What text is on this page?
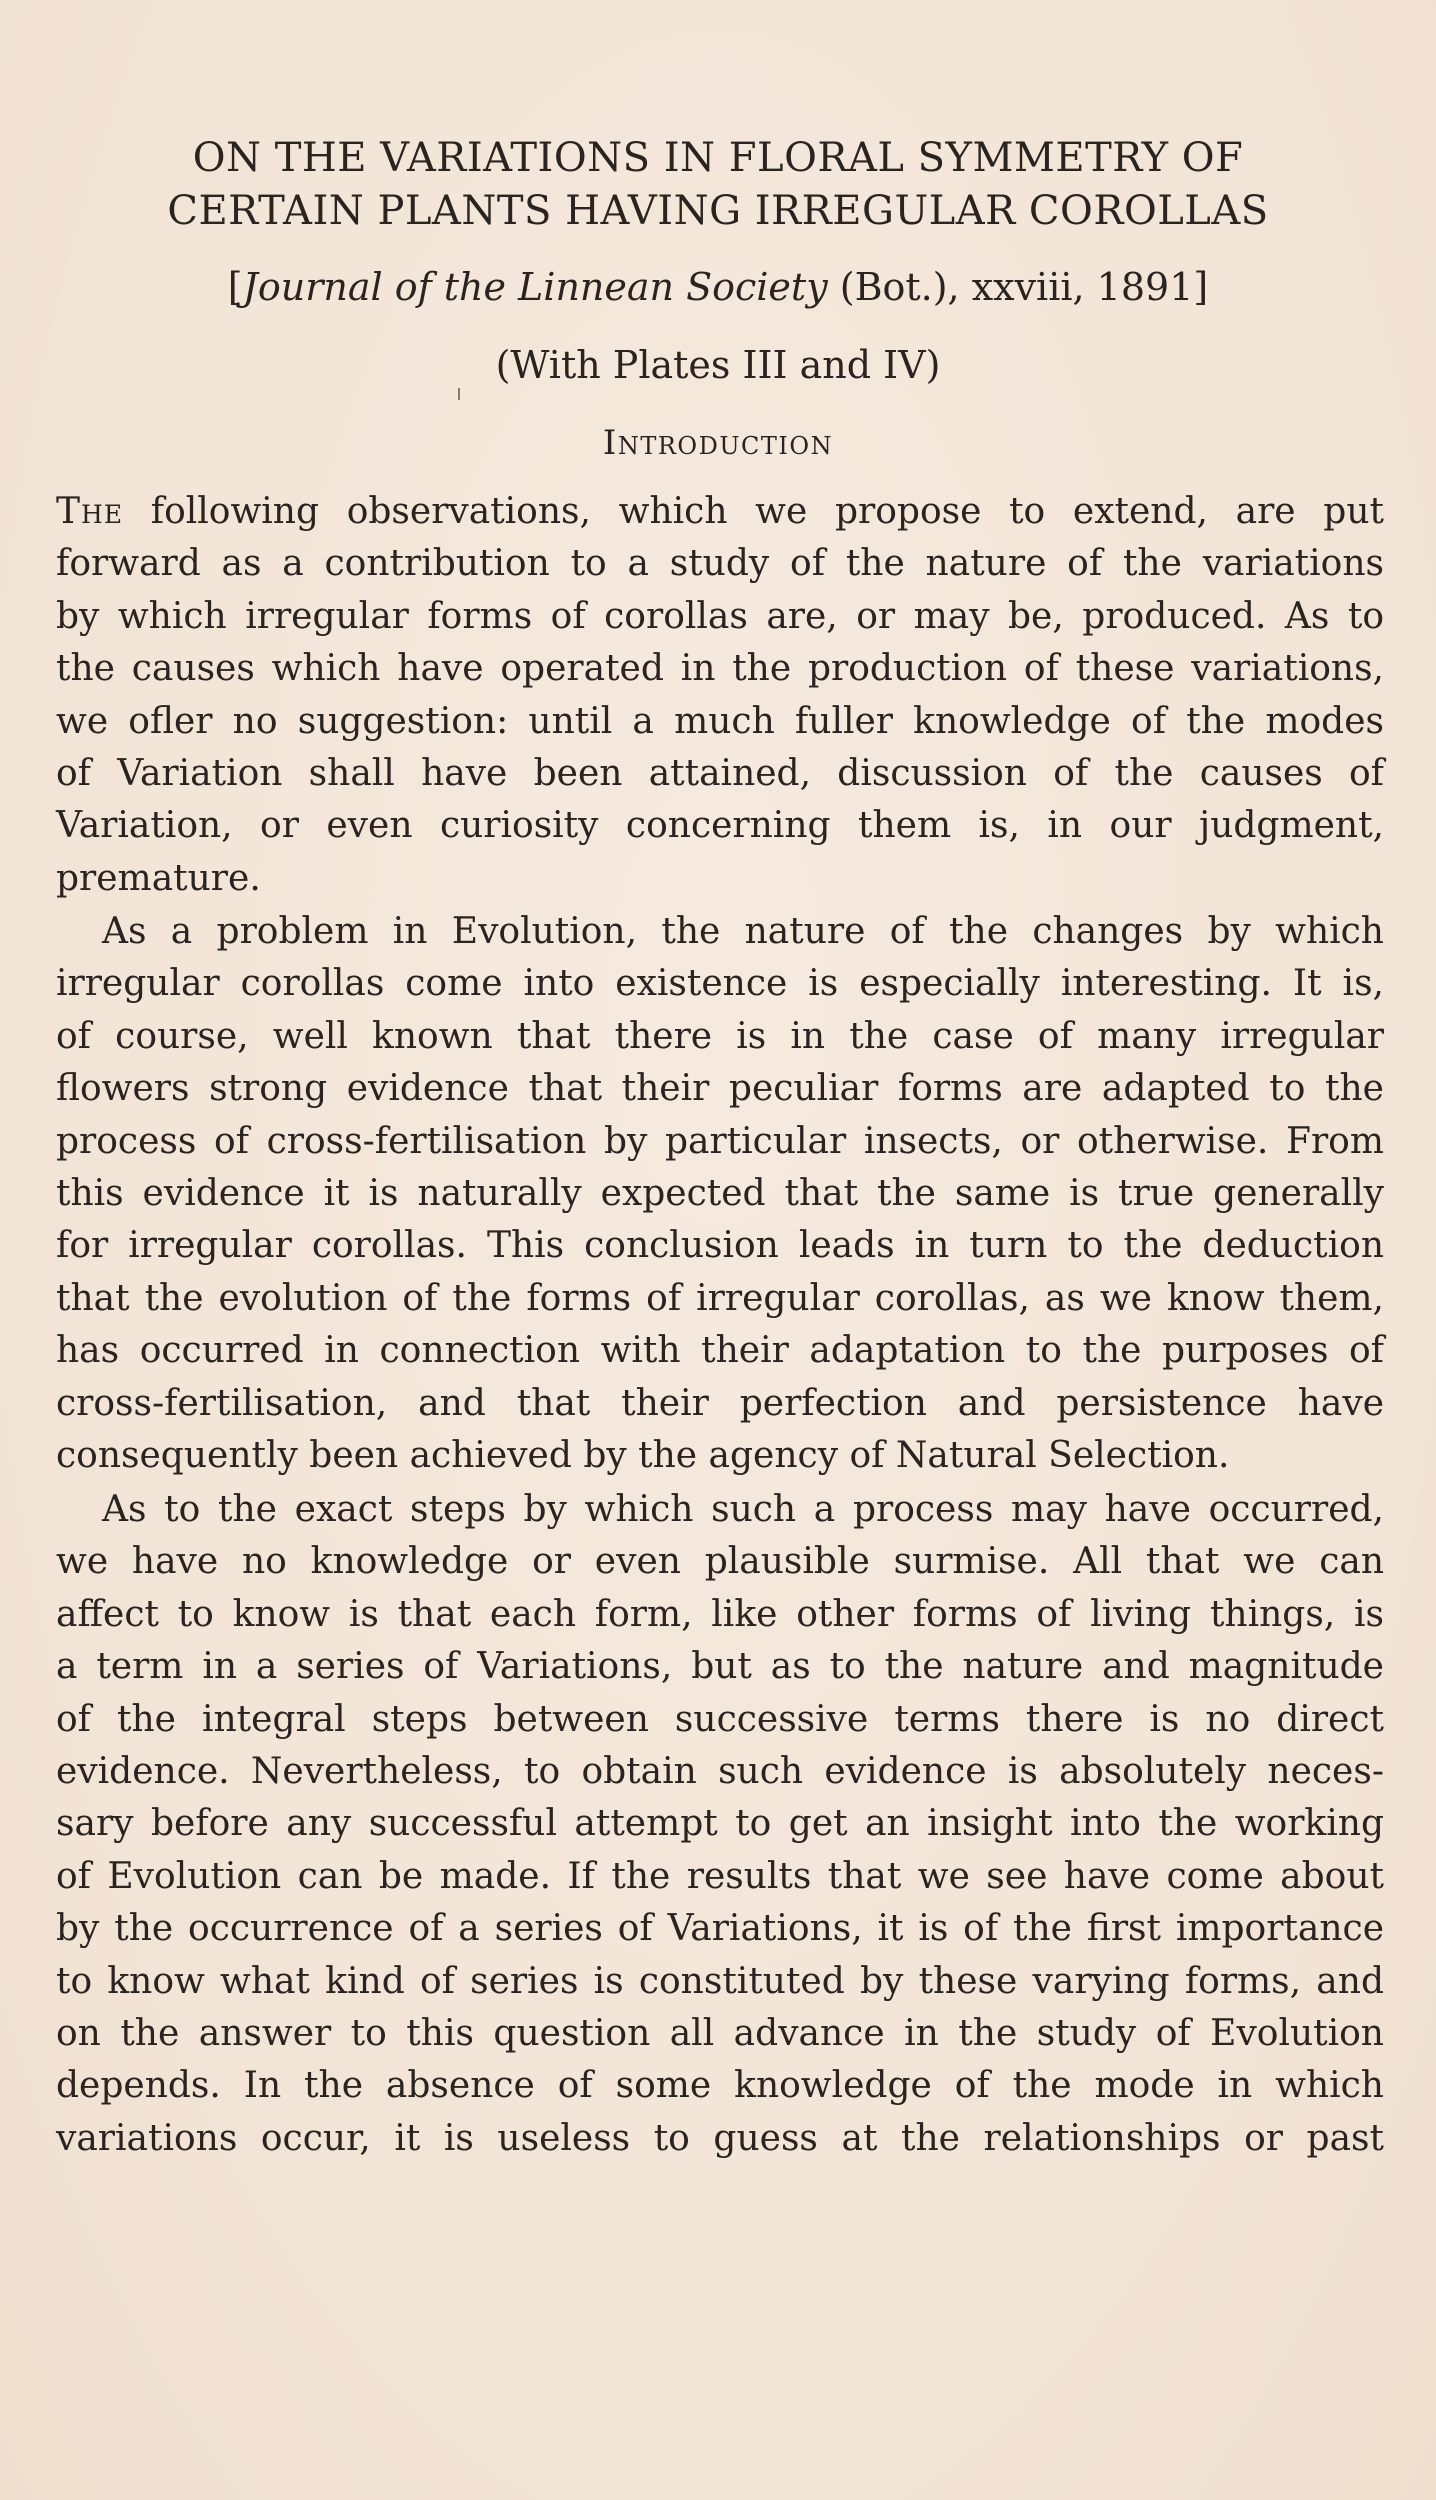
ON THE VARIATIONS IN FLORAL SYMMETRY OF
CERTAIN PLANTS HAVING IRREGULAR COROLLAS
[Journal of the Linnean Society (Bot.), xxviii, 1891]
(With Plates III and IV)
Introduction
The following observations, which we propose to extend, are put
forward as a contribution to a study of the nature of the variations
by which irregular forms of corollas are, or may be, produced. As to
the causes which have operated in the production of these variations,
we ofler no suggestion: until a much fuller knowledge of the modes
of Variation shall have been attained, discussion of the causes of
Variation, or even curiosity concerning them is, in our judgment,
premature.
As a problem in Evolution, the nature of the changes by which
irregular corollas come into existence is especially interesting. It is,
of course, well known that there is in the case of many irregular
flowers strong evidence that their peculiar forms are adapted to the
process of cross-fertilisation by particular insects, or otherwise. From
this evidence it is naturally expected that the same is true generally
for irregular corollas. This conclusion leads in turn to the deduction
that the evolution of the forms of irregular corollas, as we know them,
has occurred in connection with their adaptation to the purposes of
cross-fertilisation, and that their perfection and persistence have
consequently been achieved by the agency of Natural Selection.
As to the exact steps by which such a process may have occurred,
we have no knowledge or even plausible surmise. All that we can
affect to know is that each form, like other forms of living things, is
a term in a series of Variations, but as to the nature and magnitude
of the integral steps between successive terms there is no direct
evidence. Nevertheless, to obtain such evidence is absolutely neces-
sary before any successful attempt to get an insight into the working
of Evolution can be made. If the results that we see have come about
by the occurrence of a series of Variations, it is of the first importance
to know what kind of series is constituted by these varying forms, and
on the answer to this question all advance in the study of Evolution
depends. In the absence of some knowledge of the mode in which
variations occur, it is useless to guess at the relationships or past
